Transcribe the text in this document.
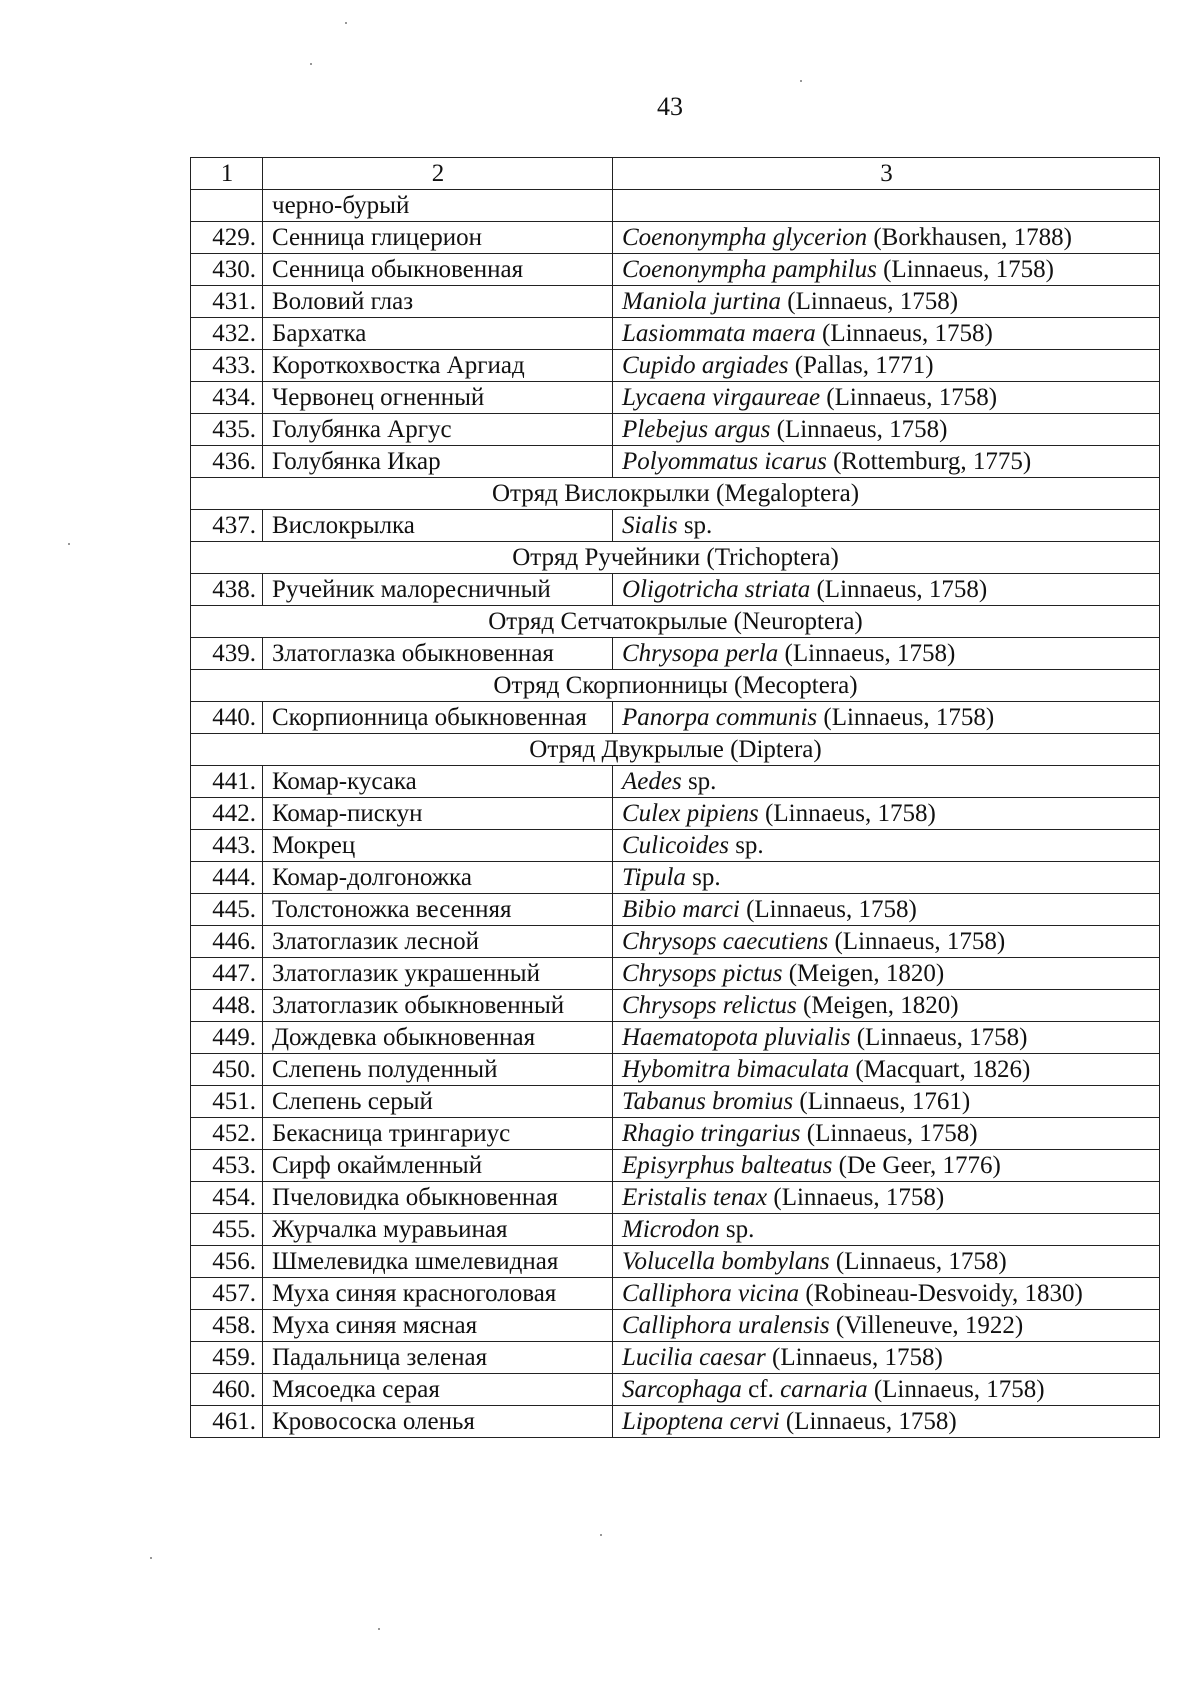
43
1	2	3
	черно-бурый	
429.	Сенница глицерион	Coenonympha glycerion (Borkhausen, 1788)
430.	Сенница обыкновенная	Coenonympha pamphilus (Linnaeus, 1758)
431.	Воловий глаз	Maniola jurtina (Linnaeus, 1758)
432.	Бархатка	Lasiommata maera (Linnaeus, 1758)
433.	Короткохвостка Аргиад	Cupido argiades (Pallas, 1771)
434.	Червонец огненный	Lycaena virgaureae (Linnaeus, 1758)
435.	Голубянка Аргус	Plebejus argus (Linnaeus, 1758)
436.	Голубянка Икар	Polyommatus icarus (Rottemburg, 1775)
Отряд Вислокрылки (Megaloptera)		
437.	Вислокрылка	Sialis sp.
Отряд Ручейники (Trichoptera)		
438.	Ручейник малоресничный	Oligotricha striata (Linnaeus, 1758)
Отряд Сетчатокрылые (Neuroptera)		
439.	Златоглазка обыкновенная	Chrysopa perla (Linnaeus, 1758)
Отряд Скорпионницы (Mecoptera)		
440.	Скорпионница обыкновенная	Panorpa communis (Linnaeus, 1758)
Отряд Двукрылые (Diptera)		
441.	Комар-кусака	Aedes sp.
442.	Комар-пискун	Culex pipiens (Linnaeus, 1758)
443.	Мокрец	Culicoides sp.
444.	Комар-долгоножка	Tipula sp.
445.	Толстоножка весенняя	Bibio marci (Linnaeus, 1758)
446.	Златоглазик лесной	Chrysops caecutiens (Linnaeus, 1758)
447.	Златоглазик украшенный	Chrysops pictus (Meigen, 1820)
448.	Златоглазик обыкновенный	Chrysops relictus (Meigen, 1820)
449.	Дождевка обыкновенная	Haematopota pluvialis (Linnaeus, 1758)
450.	Слепень полуденный	Hybomitra bimaculata (Macquart, 1826)
451.	Слепень серый	Tabanus bromius (Linnaeus, 1761)
452.	Бекасница трингариус	Rhagio tringarius (Linnaeus, 1758)
453.	Сирф окаймленный	Episyrphus balteatus (De Geer, 1776)
454.	Пчеловидка обыкновенная	Eristalis tenax (Linnaeus, 1758)
455.	Журчалка муравьиная	Microdon sp.
456.	Шмелевидка шмелевидная	Volucella bombylans (Linnaeus, 1758)
457.	Муха синяя красноголовая	Calliphora vicina (Robineau-Desvoidy, 1830)
458.	Муха синяя мясная	Calliphora uralensis (Villeneuve, 1922)
459.	Падальница зеленая	Lucilia caesar (Linnaeus, 1758)
460.	Мясоедка серая	Sarcophaga cf. carnaria (Linnaeus, 1758)
461.	Кровососка оленья	Lipoptena cervi (Linnaeus, 1758)
